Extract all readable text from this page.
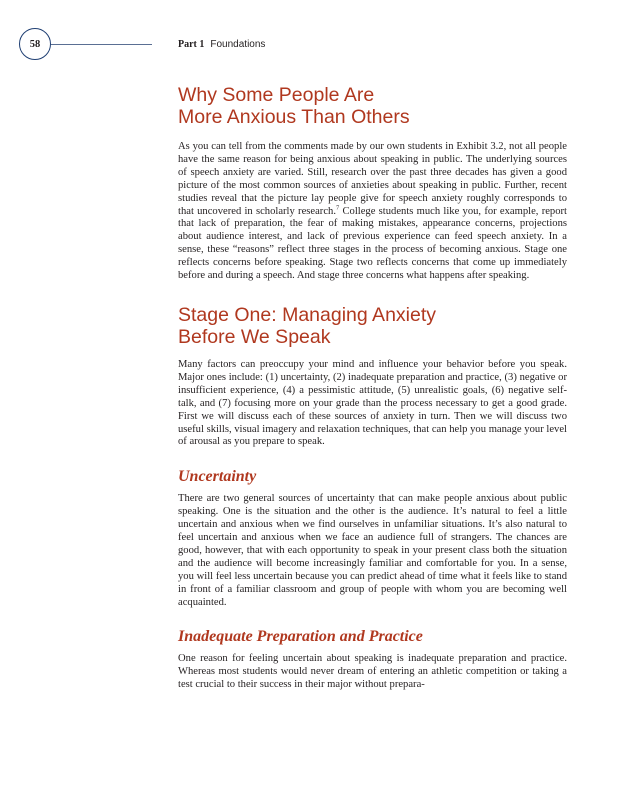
58	Part 1 Foundations
Why Some People Are
More Anxious Than Others

As you can tell from the comments made by our own students in Exhibit 3.2, not all people have the same reason for being anxious about speaking in public. The underlying sources of speech anxiety are varied. Still, research over the past three decades has given a good picture of the most common sources of anxieties about speaking in public. Further, recent studies reveal that the picture lay people give for speech anxiety roughly corresponds to that uncovered in scholarly research.$^7$ College students much like you, for example, report that lack of preparation, the fear of making mistakes, appearance concerns, projections about audience interest, and lack of previous experience can feed speech anxiety. In a sense, these “reasons” reflect three stages in the process of becoming anxious. Stage one reflects concerns before speaking. Stage two reflects concerns that come up immediately before and during a speech. And stage three concerns what happens after speaking.

Stage One: Managing Anxiety
Before We Speak

Many factors can preoccupy your mind and influence your behavior before you speak. Major ones include: (1) uncertainty, (2) inadequate preparation and practice, (3) negative or insufficient experience, (4) a pessimistic attitude, (5) unrealistic goals, (6) negative self-talk, and (7) focusing more on your grade than the process necessary to get a good grade. First we will discuss each of these sources of anxiety in turn. Then we will discuss two useful skills, visual imagery and relaxation techniques, that can help you manage your level of arousal as you prepare to speak.

Uncertainty

There are two general sources of uncertainty that can make people anxious about public speaking. One is the situation and the other is the audience. It’s natural to feel a little uncertain and anxious when we find ourselves in unfamiliar situations. It’s also natural to feel uncertain and anxious when we face an audience full of strangers. The chances are good, however, that with each opportunity to speak in your present class both the situation and the audience will become increasingly familiar and comfortable for you. In a sense, you will feel less uncertain because you can predict ahead of time what it feels like to stand in front of a familiar classroom and group of people with whom you are becoming well acquainted.

Inadequate Preparation and Practice

One reason for feeling uncertain about speaking is inadequate preparation and practice. Whereas most students would never dream of entering an athletic competition or taking a test crucial to their success in their major without prepara-
